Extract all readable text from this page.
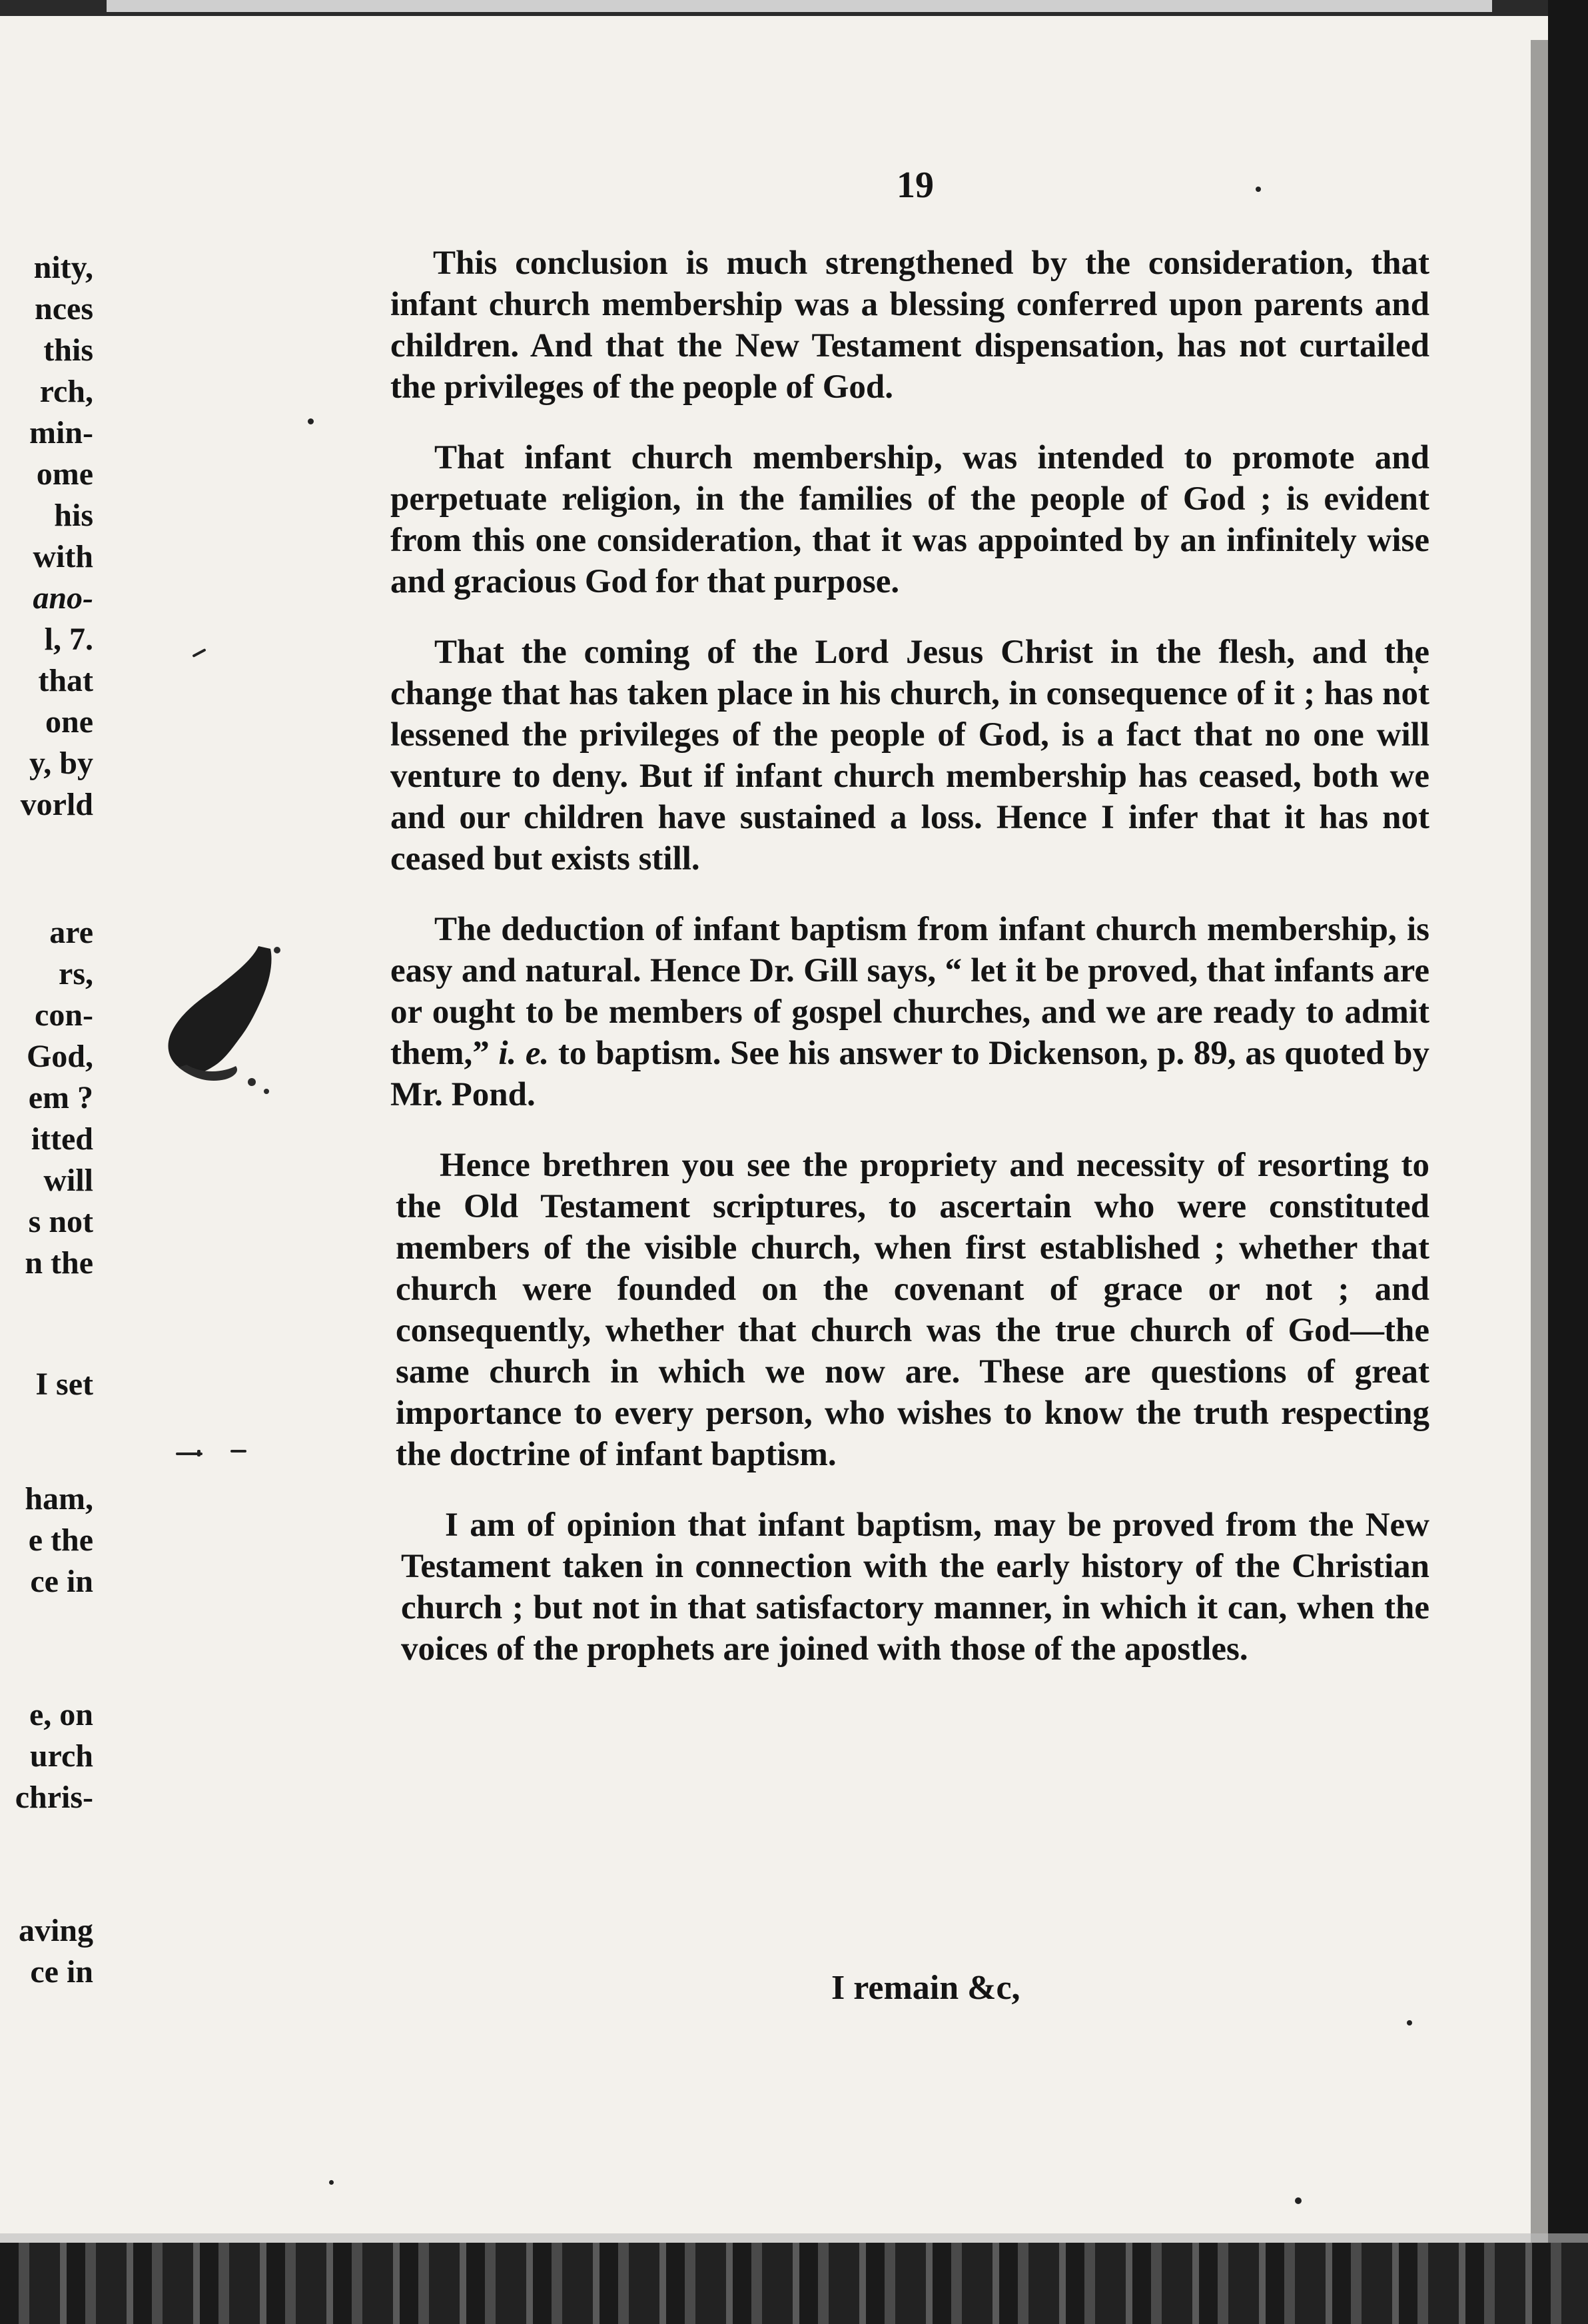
19
nity,
nces
this
rch,
min-
ome
his
with
ano-
l, 7.
that
one
y, by
vorld
are
rs,
con-
God,
em ?
itted
will
s not
n the
I set
ham,
e the
ce in
e, on
urch
chris-
aving
ce in

This conclusion is much strengthened by the consideration, that infant church membership was a blessing conferred upon parents and children. And that the New Testament dispensation, has not curtailed the privileges of the people of God.

That infant church membership, was intended to promote and perpetuate religion, in the families of the people of God ; is evident from this one consideration, that it was appointed by an infinitely wise and gracious God for that purpose.

That the coming of the Lord Jesus Christ in the flesh, and the change that has taken place in his church, in consequence of it ; has not lessened the privileges of the people of God, is a fact that no one will venture to deny. But if infant church membership has ceased, both we and our children have sustained a loss. Hence I infer that it has not ceased but exists still.

The deduction of infant baptism from infant church membership, is easy and natural. Hence Dr. Gill says, “ let it be proved, that infants are or ought to be members of gospel churches, and we are ready to admit them,” i. e. to baptism. See his answer to Dickenson, p. 89, as quoted by Mr. Pond.

Hence brethren you see the propriety and necessity of resorting to the Old Testament scriptures, to ascertain who were constituted members of the visible church, when first established ; whether that church were founded on the covenant of grace or not ; and consequently, whether that church was the true church of God—the same church in which we now are. These are questions of great importance to every person, who wishes to know the truth respecting the doctrine of infant baptism.

I am of opinion that infant baptism, may be proved from the New Testament taken in connection with the early history of the Christian church ; but not in that satisfactory manner, in which it can, when the voices of the prophets are joined with those of the apostles.

I remain &c,
